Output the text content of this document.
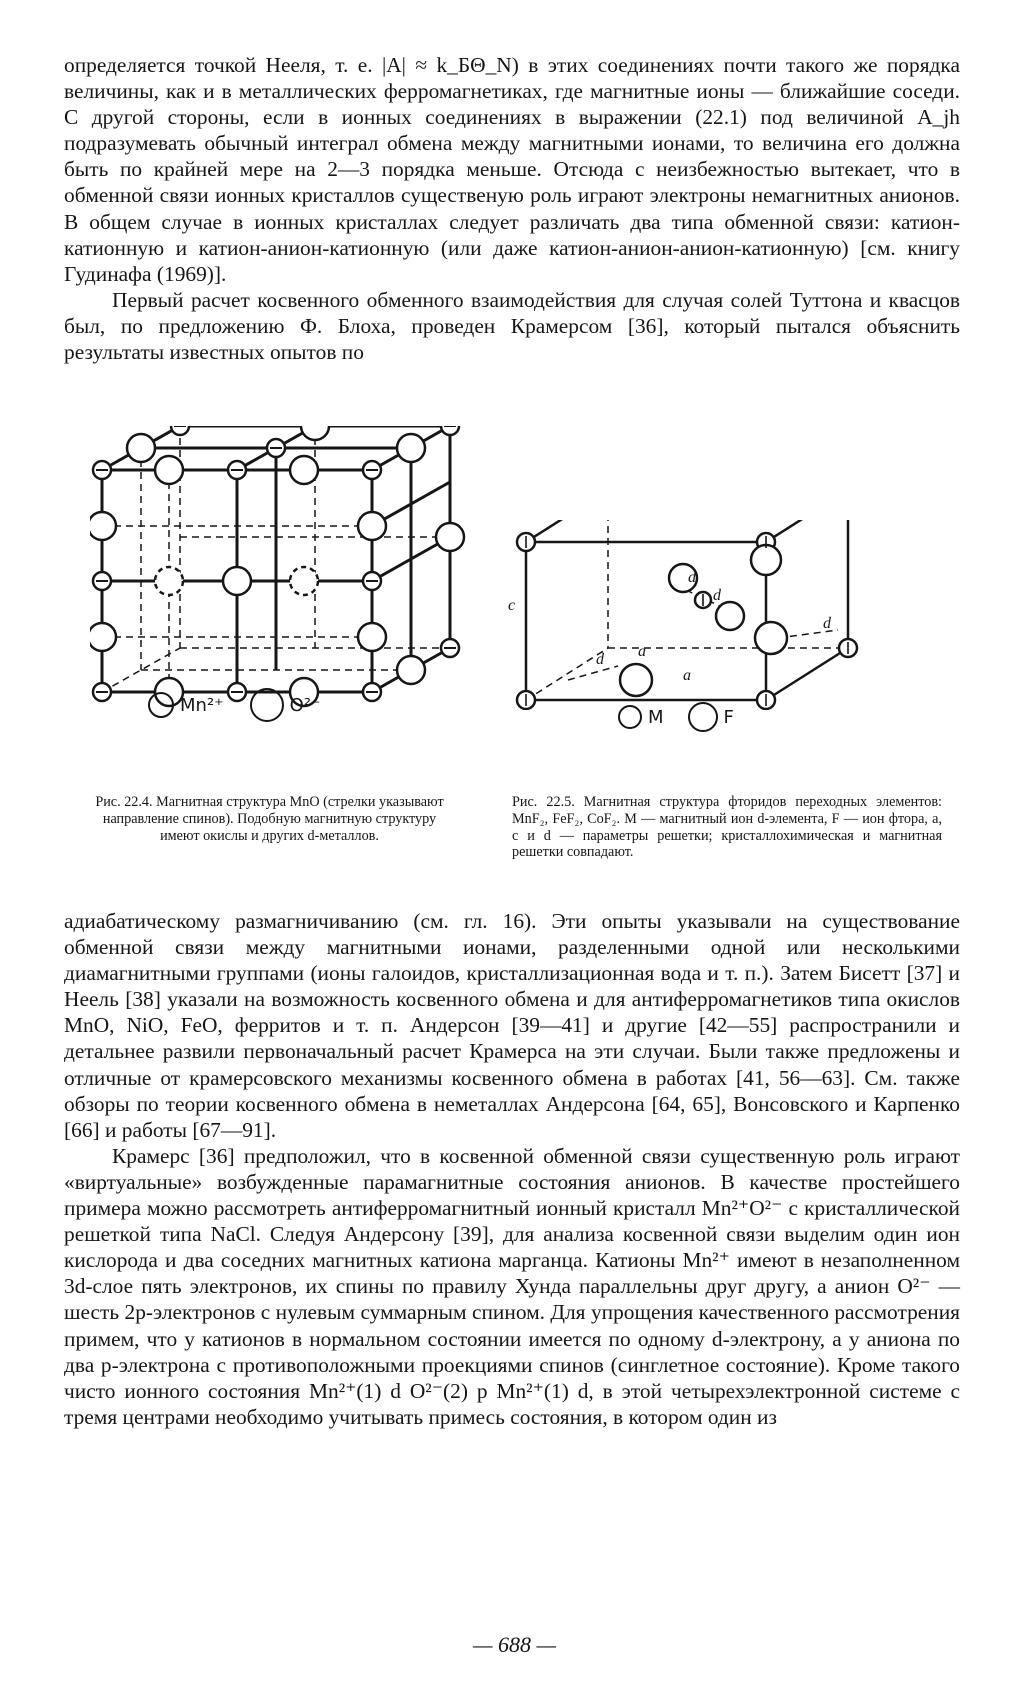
определяется точкой Нееля, т. е. |A| ≈ k_БΘ_N) в этих соединениях почти такого же порядка величины, как и в металлических ферромагнетиках, где магнитные ионы — ближайшие соседи. С другой стороны, если в ионных соединениях в выражении (22.1) под величиной A_jh подразумевать обычный интеграл обмена между магнитными ионами, то величина его должна быть по крайней мере на 2—3 порядка меньше. Отсюда с неизбежностью вытекает, что в обменной связи ионных кристаллов существеную роль играют электроны немагнитных анионов. В общем случае в ионных кристаллах следует различать два типа обменной связи: катион-катионную и катион-анион-катионную (или даже катион-анион-анион-катионную) [см. книгу Гудинафа (1969)].

Первый расчет косвенного обменного взаимодействия для случая солей Туттона и квасцов был, по предложению Ф. Блоха, проведен Крамерсом [36], который пытался объяснить результаты известных опытов по

Mn²⁺	O²⁻

Рис. 22.4. Магнитная структура MnO (стрелки указывают направление спинов). Подобную магнитную структуру имеют окислы и других d-металлов.

c
a
d
d
d
d
a
M	F

Рис. 22.5. Магнитная структура фторидов переходных элементов: MnF₂, FeF₂, CoF₂. M — магнитный ион d-элемента, F — ион фтора, a, c и d — параметры решетки; кристаллохимическая и магнитная решетки совпадают.

адиабатическому размагничиванию (см. гл. 16). Эти опыты указывали на существование обменной связи между магнитными ионами, разделенными одной или несколькими диамагнитными группами (ионы галоидов, кристаллизационная вода и т. п.). Затем Бисетт [37] и Неель [38] указали на возможность косвенного обмена и для антиферромагнетиков типа окислов MnO, NiO, FeO, ферритов и т. п. Андерсон [39—41] и другие [42—55] распространили и детальнее развили первоначальный расчет Крамерса на эти случаи. Были также предложены и отличные от крамерсовского механизмы косвенного обмена в работах [41, 56—63]. См. также обзоры по теории косвенного обмена в неметаллах Андерсона [64, 65], Вонсовского и Карпенко [66] и работы [67—91].

Крамерс [36] предположил, что в косвенной обменной связи существенную роль играют «виртуальные» возбужденные парамагнитные состояния анионов. В качестве простейшего примера можно рассмотреть антиферромагнитный ионный кристалл Mn²⁺O²⁻ с кристаллической решеткой типа NaCl. Следуя Андерсону [39], для анализа косвенной связи выделим один ион кислорода и два соседних магнитных катиона марганца. Катионы Mn²⁺ имеют в незаполненном 3d-слое пять электронов, их спины по правилу Хунда параллельны друг другу, а анион O²⁻ — шесть 2p-электронов с нулевым суммарным спином. Для упрощения качественного рассмотрения примем, что у катионов в нормальном состоянии имеется по одному d-электрону, а у аниона по два p-электрона с противоположными проекциями спинов (синглетное состояние). Кроме такого чисто ионного состояния Mn²⁺(1) d O²⁻(2) p Mn²⁺(1) d, в этой четырехэлектронной системе с тремя центрами необходимо учитывать примесь состояния, в котором один из

— 688 —
